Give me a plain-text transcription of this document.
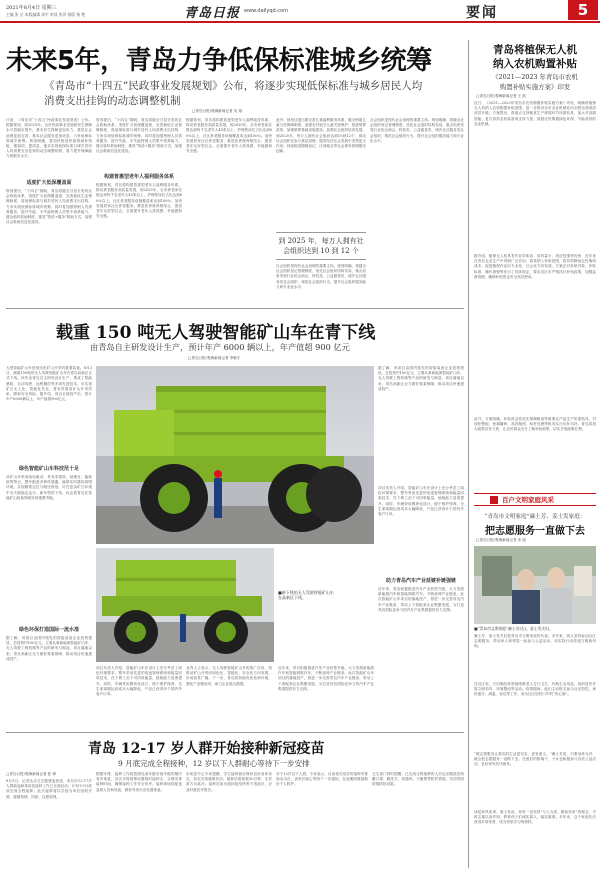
2021年8月4日 星期三
主编 张 岳 本版编辑 周平 审读 张萍 排版 杨 艳	青岛日报 www.dailyqd.com	要闻	5
未来5年，青岛力争低保标准城乡统筹
《青岛市“十四五”民政事业发展规划》公布，将逐步实现低保标准与城乡居民人均
消费支出挂钩的动态调整机制
□青岛日报/观海新闻记者 吴 翔

日前，《青岛市“十四五”民政事业发展规划》公布。根据规划，到2025年，全市民政事业发展和民生保障水平将稳步提升，基本民生保障更加有力，基层社会治理更加完善，基本社会服务更加优质，力争低保标准城乡统筹。规划明确，将加快推进民政领域补短板、强弱项、提质量，逐步实现低保标准与城乡居民人均消费支出挂钩的动态调整机制，着力提升保障能力和服务水平。

适度扩大低保覆盖面

规划提出，“十四五”期间，青岛将健全分层分类的社会救助体系，适度扩大低保覆盖面，完善最低生活保障制度，将低保标准与城乡居民人均消费支出挂钩，力争实现低保标准城乡统筹。同时将加强特困人员供养服务，提升失能、半失能特困人员集中供养能力，健全临时救助制度，推进“物质+服务”救助方式，加强社会救助信息化建设。

规划提出，“十四五”期间，青岛将健全分层分类的社会救助体系，适度扩大低保覆盖面，完善最低生活保障制度，将低保标准与城乡居民人均消费支出挂钩，力争实现低保标准城乡统筹。同时将加强特困人员供养服务，提升失能、半失能特困人员集中供养能力，健全临时救助制度，推进“物质+服务”救助方式，加强社会救助信息化建设。

构建普惠型老年人福利服务体系

根据规划，青岛将构建普惠型老年人福利服务体系，推动养老服务高质量发展，到2025年，全市养老床位数达到每千名老年人45张以上，护理型床位占比达到60%以上，社区养老服务设施覆盖率达到100%。加快发展居家社区养老服务，推进医养康养相结合，建设老年友好型社会，全面提升老年人获得感、幸福感和安全感。

根据规划，青岛将构建普惠型老年人福利服务体系，推动养老服务高质量发展，到2025年，全市养老床位数达到每千名老年人45张以上，护理型床位占比达到60%以上，社区养老服务设施覆盖率达到100%。加快发展居家社区养老服务，推进医养康养相结合，建设老年友好型社会，全面提升老年人获得感、幸福感和安全感。

此外，规划还提出要完善儿童福利服务体系，健全困境儿童分类保障制度，加强农村留守儿童关爱保护；推进殡葬改革，加强殡葬基础设施建设；加强社会组织培育发展，到2025年，每万人拥有社会组织达到10到12个，推动社会组织在参与基层治理、服务经济社会发展中发挥更大作用；持续推进婚姻登记、区划地名等社会事务管理服务创新。

到 2025 年，每万人拥有社会组织达到 10 到 12 个

社会组织是现代社会治理的重要主体。规划明确，将健全社会组织登记管理制度，优化社会组织结构布局，重点培育发展行业协会商会、科技类、公益慈善类、城乡社区服务类社会组织，规范社会组织行为，提升社会组织服务能力和专业化水平。

社会组织是现代社会治理的重要主体。规划明确，将健全社会组织登记管理制度，优化社会组织结构布局，重点培育发展行业协会商会、科技类、公益慈善类、城乡社区服务类社会组织，规范社会组织行为，提升社会组织服务能力和专业化水平。

载重 150 吨无人驾驶智能矿山车在青下线
由青岛自主研发设计生产，预计年产 6000 辆以上，年产值超 900 亿元
□青岛日报/观海新闻记者 李敏宇

大型智能矿山车是现代化矿山开采的重要装备。8月3日，载重150吨的无人驾驶智能矿山车在青岛高新区正式下线。该车由青岛自主研发设计生产，集成了智能感知、自动驾驶、远程操控等多项先进技术，可实现矿区无人化、智能化作业，将有效提高矿山开采效率，降低安全风险。据介绍，项目全面投产后，预计年产6000辆以上，年产值超900亿元。

绿色智能矿山车科技范十足

该矿山车采用纯电驱动，具有零排放、低噪音、能耗低等特点，整车配备多种传感器，能够实时感知周围环境，实现精准定位与路径规划，可在复杂矿区环境中全天候稳定运行。新车型的下线，标志着青岛在智能矿山装备领域实现重要突破。

绿色环保打造国际一流水准

据了解，该项目由国内领先的智能装备企业投资建设，总投资约100亿元，主要从事新能源智能矿山车、无人驾驶工程机械等产品的研发与制造。项目落地以来，青岛高新区全力做好要素保障，推动项目快速建成投产。

据了解，该项目由国内领先的智能装备企业投资建设，总投资约100亿元，主要从事新能源智能矿山车、无人驾驶工程机械等产品的研发与制造。项目落地以来，青岛高新区全力做好要素保障，推动项目快速建成投产。

项目负责人介绍，智能矿山车在设计上充分考虑了绿色环保要求，整车采用先进的电池管理系统和能量回收技术，在下坡工况下可回收能量，续航能力显著提升。同时，车辆采用模块化设计，便于维护保养，全生命周期运营成本大幅降低，产品已获得多个国内外客户订单。

助力青岛汽车产业延链补链强链

近年来，青岛积极推进汽车产业转型升级，大力发展新能源汽车和智能网联汽车，不断延伸产业链条。此次智能矿山车项目的落地投产，将进一步完善青岛汽车产业链条，带动上下游配套企业集聚发展，为打造具有国际竞争力的汽车产业集群提供有力支撑。

■新下线的无人驾驶智能矿山车在高新区下线。

项目负责人介绍，智能矿山车在设计上充分考虑了绿色环保要求，整车采用先进的电池管理系统和能量回收技术，在下坡工况下可回收能量，续航能力显著提升。同时，车辆采用模块化设计，便于维护保养，全生命周期运营成本大幅降低，产品已获得多个国内外客户订单。

业内人士表示，无人驾驶智能矿山车的推广应用，将推动矿山开采向绿色化、智能化、安全化方向发展，市场前景广阔。下一步，青岛将持续优化营商环境，强化产业链协同，助力企业做大做强。

近年来，青岛积极推进汽车产业转型升级，大力发展新能源汽车和智能网联汽车，不断延伸产业链条。此次智能矿山车项目的落地投产，将进一步完善青岛汽车产业链条，带动上下游配套企业集聚发展，为打造具有国际竞争力的汽车产业集群提供有力支撑。

青岛 12-17 岁人群开始接种新冠疫苗
9 月底完成全程接种，12 岁以下人群耐心等待下一步安排
□青岛日报/观海新闻记者 张 婵

8月3日，记者从市卫生健康委获悉，青岛市12-17岁人群新冠病毒疫苗接种工作已全面启动，计划于9月底前完成全程接种。此次接种将以学校为单位组织开展，遵循知情、同意、自愿原则。

根据安排，接种工作将按照先高年级后低年级的顺序有序推进，各区市将统筹设置临时接种点，合理安排接种时间，确保接种工作安全有序。接种现场将配备急救人员和设备，做好异常反应处置准备。

市疾控中心专家提醒，学生接种前应保持良好身体状态，如实告知健康状况；接种后需留观30分钟，无异常方可离开。接种后如出现持续发热等不适症状，应及时就医并报告。

对于12岁以下人群，专家表示，目前相关疫苗的接种安排尚未出台，请家长耐心等待下一步通知，在此期间继续做好个人防护。

卫生部门同时提醒，已完成全程接种的人员也应继续坚持戴口罩、勤洗手、常通风、少聚集等防护措施，共同巩固疫情防控成果。

青岛将植保无人机
纳入农机购置补贴
《2021—2023 年青岛市农机
购置补贴实施方案》印发
□青岛日报/观海新闻记者 王 凯

近日，《2021—2023年青岛市农机购置补贴实施方案》印发，明确将植保无人机纳入农机购置补贴范围，进一步推动全市农业机械化向全程全面高质高效升级。方案提出，将重点支持粮食生产薄弱环节所需机具，加大对高端智能、复式高效农机装备的支持力度，鼓励农民购置绿色环保、节能高效的农业机械。

据介绍，植保无人机具有作业效率高、用药量少、适应性强等优势，近年来在青岛农业生产中得到广泛应用。将其纳入补贴范围，将有效降低农民购机成本，促进植保作业向专业化、社会化方向发展。方案还对补贴对象、补贴标准、操作流程等作出了具体规定，要求各区市严格执行补贴政策，加强监督管理，确保补贴资金安全高效使用。

此外，方案明确，补贴资金将优先保障粮食等重要农产品生产所需机具，对深松整地、免耕播种、高效植保、秸秆处理等机具实行应补尽补。青岛将加大政策宣传力度，让农民群众充分了解补贴政策，切实享受政策红利。

百户文明家庭风采
“青岛市文明家庭”廉士芳、姜士发家庭：
把志愿服务一直做下去
□青岛日报/观海新闻记者 宋 晗
■“青岛市文明家庭”廉士芳(右)、姜士发夫妇。

廉士芳、姜士发夫妇是青岛市文明家庭的代表。多年来，两人坚持参加社区志愿服务，带动家人和邻居一起参与公益活动，用实际行动传递文明新风尚。

在社区里，夫妇俩经常帮助困难老人打扫卫生、代购生活用品，组织居民开展文明劝导、环境整治等活动。疫情期间，他们主动报名参与社区防控，承担值守、测温、登记等工作，成为社区居民口中的“热心肠”。

“做志愿服务让我们的生活更充实、更有意义。”廉士芳说，只要身体允许，就会把志愿服务一直做下去。在他们的影响下，子女也积极参与各类公益活动，良好家风代代相传。

谈起家风家训，姜士发说，家里一直坚持“与人为善、勤俭持家”的理念，平时注重以身作则，教育孩子们诚实做人、踏实做事。多年来，这个家庭先后获得多项荣誉，成为邻里学习的榜样。
